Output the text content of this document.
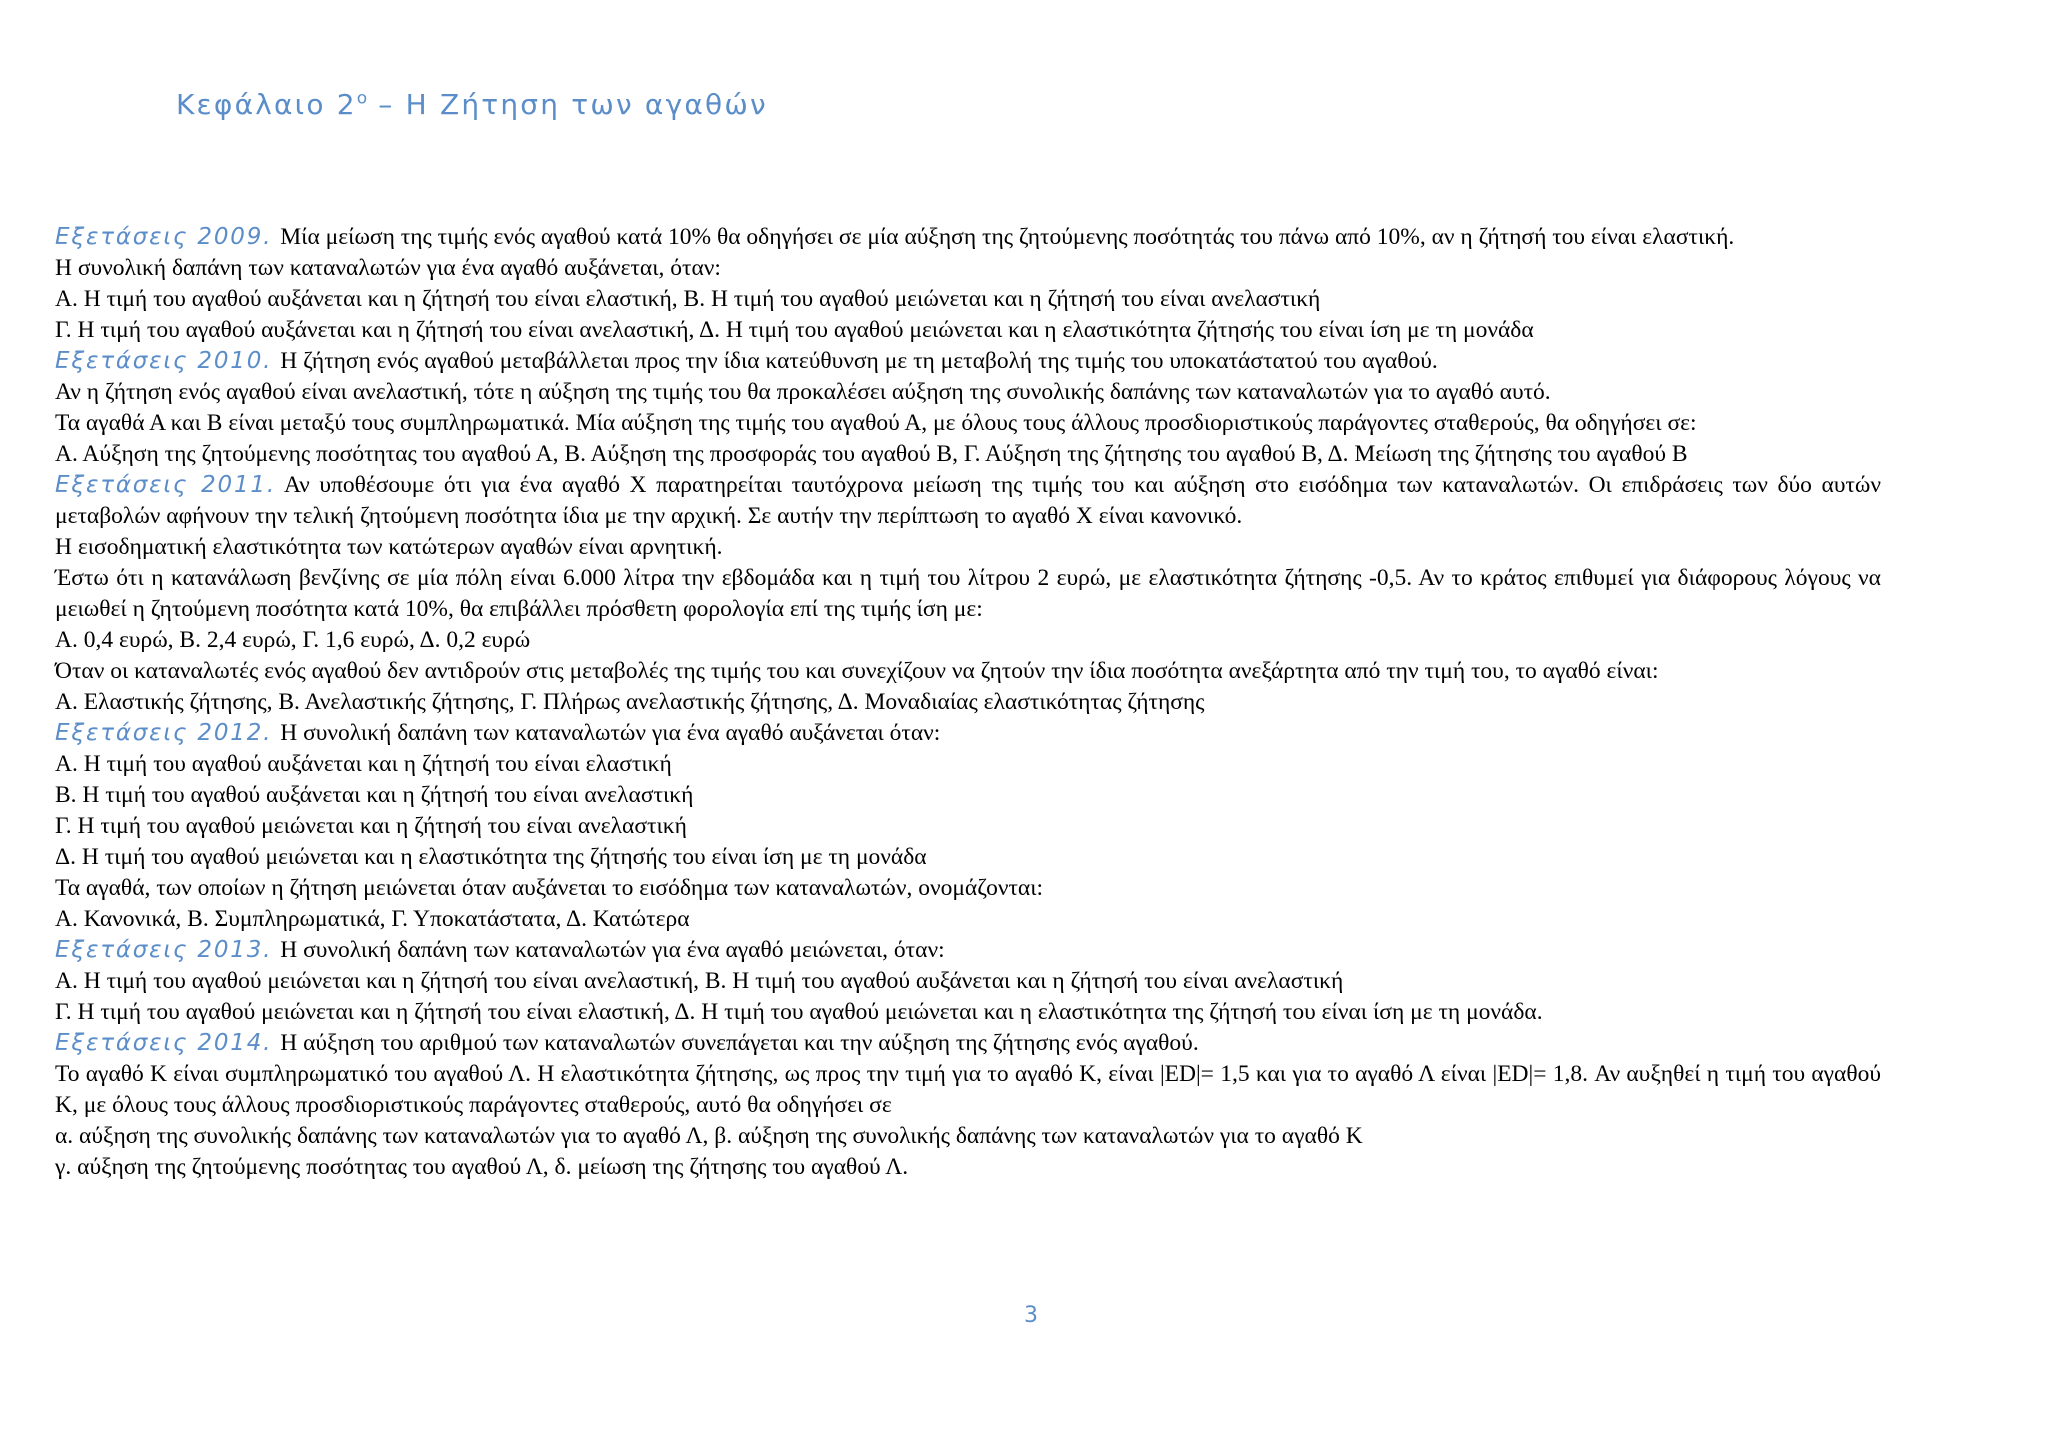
Κεφάλαιο $2^o$ – Η Ζήτηση των αγαθών

Εξετάσεις 2009. Μία μείωση της τιμής ενός αγαθού κατά 10% θα οδηγήσει σε μία αύξηση της ζητούμενης ποσότητάς του πάνω από 10%, αν η ζήτησή του είναι ελαστική.

Η συνολική δαπάνη των καταναλωτών για ένα αγαθό αυξάνεται, όταν:

Α. Η τιμή του αγαθού αυξάνεται και η ζήτησή του είναι ελαστική, Β. Η τιμή του αγαθού μειώνεται και η ζήτησή του είναι ανελαστική

Γ. Η τιμή του αγαθού αυξάνεται και η ζήτησή του είναι ανελαστική, Δ. Η τιμή του αγαθού μειώνεται και η ελαστικότητα ζήτησής του είναι ίση με τη μονάδα

Εξετάσεις 2010. Η ζήτηση ενός αγαθού μεταβάλλεται προς την ίδια κατεύθυνση με τη μεταβολή της τιμής του υποκατάστατού του αγαθού.

Αν η ζήτηση ενός αγαθού είναι ανελαστική, τότε η αύξηση της τιμής του θα προκαλέσει αύξηση της συνολικής δαπάνης των καταναλωτών για το αγαθό αυτό.

Τα αγαθά Α και Β είναι μεταξύ τους συμπληρωματικά. Μία αύξηση της τιμής του αγαθού Α, με όλους τους άλλους προσδιοριστικούς παράγοντες σταθερούς, θα οδηγήσει σε:

Α. Αύξηση της ζητούμενης ποσότητας του αγαθού Α, Β. Αύξηση της προσφοράς του αγαθού Β, Γ. Αύξηση της ζήτησης του αγαθού Β, Δ. Μείωση της ζήτησης του αγαθού Β

Εξετάσεις 2011. Αν υποθέσουμε ότι για ένα αγαθό Χ παρατηρείται ταυτόχρονα μείωση της τιμής του και αύξηση στο εισόδημα των καταναλωτών. Οι επιδράσεις των δύο αυτών μεταβολών αφήνουν την τελική ζητούμενη ποσότητα ίδια με την αρχική. Σε αυτήν την περίπτωση το αγαθό Χ είναι κανονικό.

Η εισοδηματική ελαστικότητα των κατώτερων αγαθών είναι αρνητική.

Έστω ότι η κατανάλωση βενζίνης σε μία πόλη είναι 6.000 λίτρα την εβδομάδα και η τιμή του λίτρου 2 ευρώ, με ελαστικότητα ζήτησης -0,5. Αν το κράτος επιθυμεί για διάφορους λόγους να μειωθεί η ζητούμενη ποσότητα κατά 10%, θα επιβάλλει πρόσθετη φορολογία επί της τιμής ίση με:

Α. 0,4 ευρώ, Β. 2,4 ευρώ, Γ. 1,6 ευρώ, Δ. 0,2 ευρώ

Όταν οι καταναλωτές ενός αγαθού δεν αντιδρούν στις μεταβολές της τιμής του και συνεχίζουν να ζητούν την ίδια ποσότητα ανεξάρτητα από την τιμή του, το αγαθό είναι:

Α. Ελαστικής ζήτησης, Β. Ανελαστικής ζήτησης, Γ. Πλήρως ανελαστικής ζήτησης, Δ. Μοναδιαίας ελαστικότητας ζήτησης

Εξετάσεις 2012. Η συνολική δαπάνη των καταναλωτών για ένα αγαθό αυξάνεται όταν:

Α. Η τιμή του αγαθού αυξάνεται και η ζήτησή του είναι ελαστική

Β. Η τιμή του αγαθού αυξάνεται και η ζήτησή του είναι ανελαστική

Γ. Η τιμή του αγαθού μειώνεται και η ζήτησή του είναι ανελαστική

Δ. Η τιμή του αγαθού μειώνεται και η ελαστικότητα της ζήτησής του είναι ίση με τη μονάδα

Τα αγαθά, των οποίων η ζήτηση μειώνεται όταν αυξάνεται το εισόδημα των καταναλωτών, ονομάζονται:

Α. Κανονικά, Β. Συμπληρωματικά, Γ. Υποκατάστατα, Δ. Κατώτερα

Εξετάσεις 2013. Η συνολική δαπάνη των καταναλωτών για ένα αγαθό μειώνεται, όταν:

Α. Η τιμή του αγαθού μειώνεται και η ζήτησή του είναι ανελαστική, Β. Η τιμή του αγαθού αυξάνεται και η ζήτησή του είναι ανελαστική

Γ. Η τιμή του αγαθού μειώνεται και η ζήτησή του είναι ελαστική, Δ. Η τιμή του αγαθού μειώνεται και η ελαστικότητα της ζήτησή του είναι ίση με τη μονάδα.

Εξετάσεις 2014. Η αύξηση του αριθμού των καταναλωτών συνεπάγεται και την αύξηση της ζήτησης ενός αγαθού.

Το αγαθό Κ είναι συμπληρωματικό του αγαθού Λ. Η ελαστικότητα ζήτησης, ως προς την τιμή για το αγαθό Κ, είναι |ED|= 1,5 και για το αγαθό Λ είναι |ED|= 1,8. Αν αυξηθεί η τιμή του αγαθού Κ, με όλους τους άλλους προσδιοριστικούς παράγοντες σταθερούς, αυτό θα οδηγήσει σε

α. αύξηση της συνολικής δαπάνης των καταναλωτών για το αγαθό Λ, β. αύξηση της συνολικής δαπάνης των καταναλωτών για το αγαθό Κ

γ. αύξηση της ζητούμενης ποσότητας του αγαθού Λ, δ. μείωση της ζήτησης του αγαθού Λ.

3
